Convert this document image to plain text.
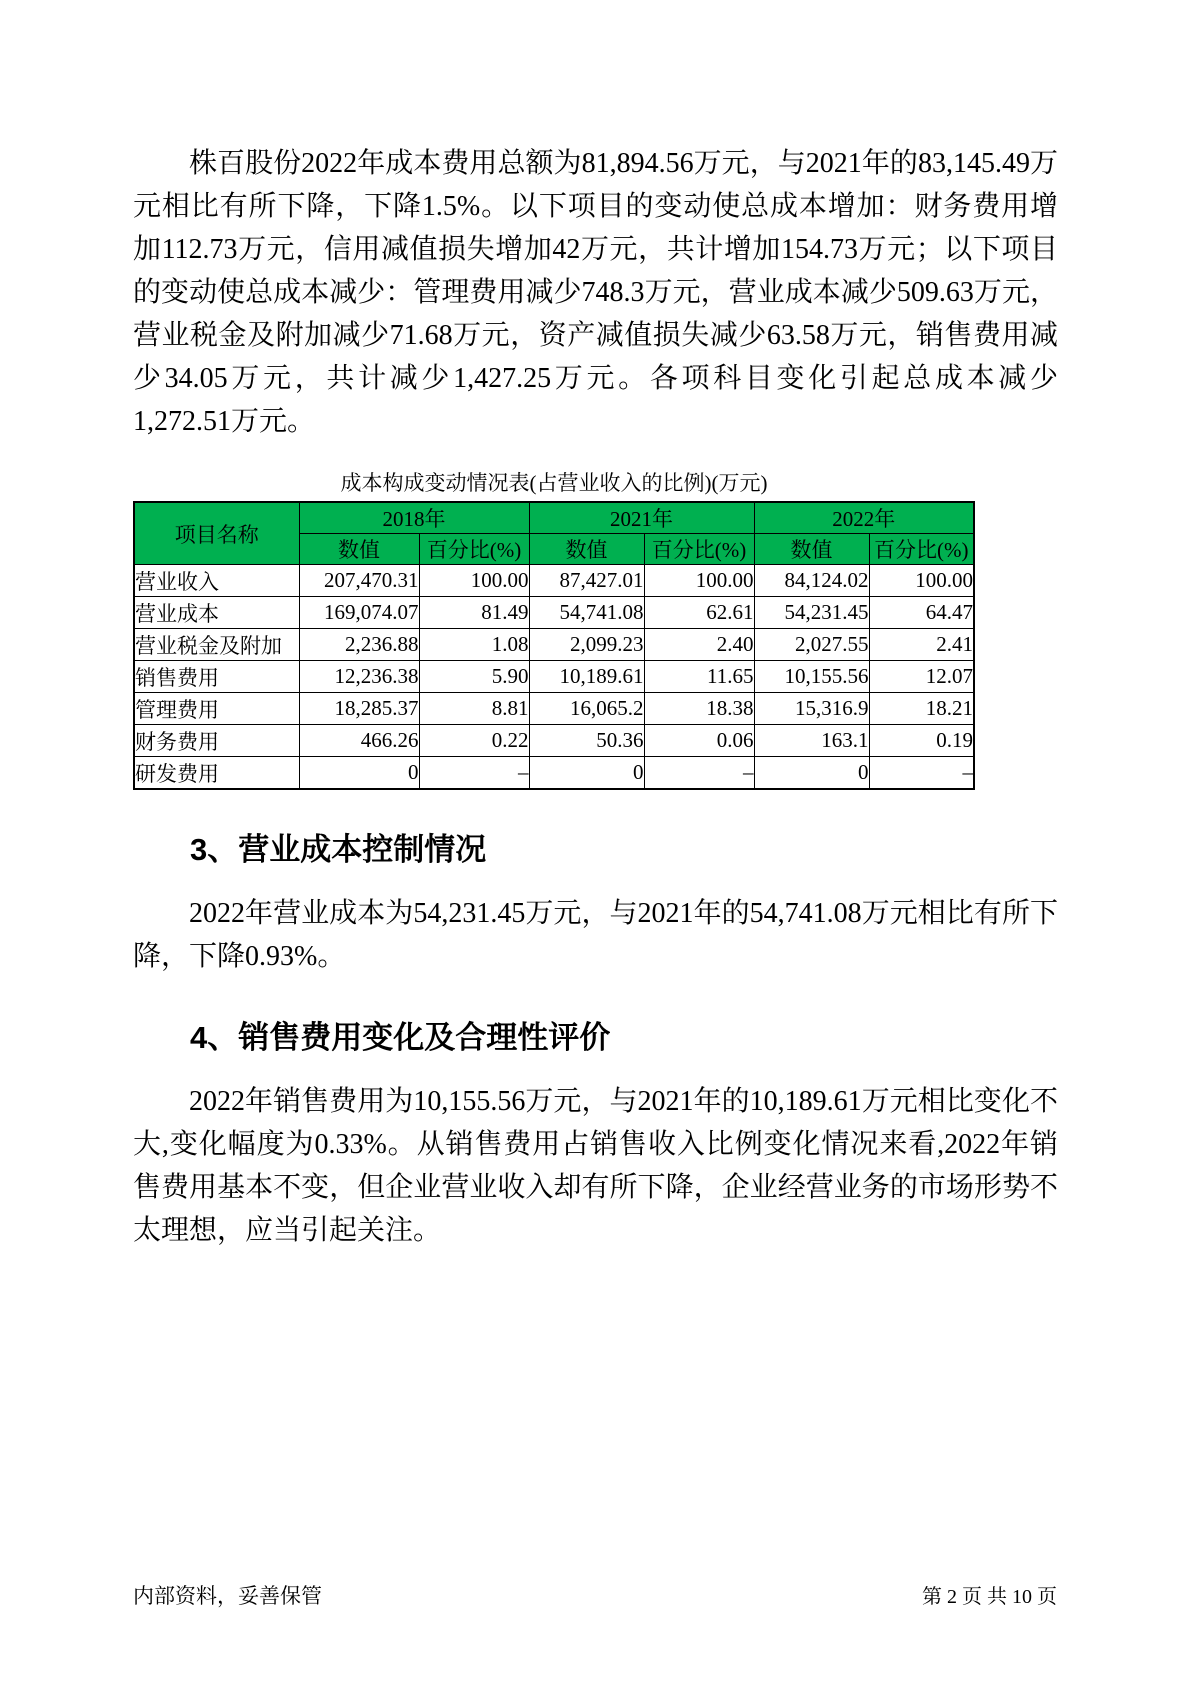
株百股份2022年成本费用总额为81,894.56万元，与2021年的83,145.49万元相比有所下降，下降1.5%。以下项目的变动使总成本增加：财务费用增加112.73万元，信用减值损失增加42万元，共计增加154.73万元；以下项目的变动使总成本减少：管理费用减少748.3万元，营业成本减少509.63万元，营业税金及附加减少71.68万元，资产减值损失减少63.58万元，销售费用减少34.05万元，共计减少1,427.25万元。各项科目变化引起总成本减少1,272.51万元。

成本构成变动情况表(占营业收入的比例)(万元)
项目名称	2018年		2021年		2022年	
	数值	百分比(%)	数值	百分比(%)	数值	百分比(%)
营业收入	207,470.31	100.00	87,427.01	100.00	84,124.02	100.00
营业成本	169,074.07	81.49	54,741.08	62.61	54,231.45	64.47
营业税金及附加	2,236.88	1.08	2,099.23	2.40	2,027.55	2.41
销售费用	12,236.38	5.90	10,189.61	11.65	10,155.56	12.07
管理费用	18,285.37	8.81	16,065.2	18.38	15,316.9	18.21
财务费用	466.26	0.22	50.36	0.06	163.1	0.19
研发费用	0	–	0	–	0	–
3、营业成本控制情况

2022年营业成本为54,231.45万元，与2021年的54,741.08万元相比有所下降，下降0.93%。

4、销售费用变化及合理性评价

2022年销售费用为10,155.56万元，与2021年的10,189.61万元相比变化不大,变化幅度为0.33%。从销售费用占销售收入比例变化情况来看,2022年销售费用基本不变，但企业营业收入却有所下降，企业经营业务的市场形势不太理想，应当引起关注。

内部资料，妥善保管	第 2 页 共 10 页
